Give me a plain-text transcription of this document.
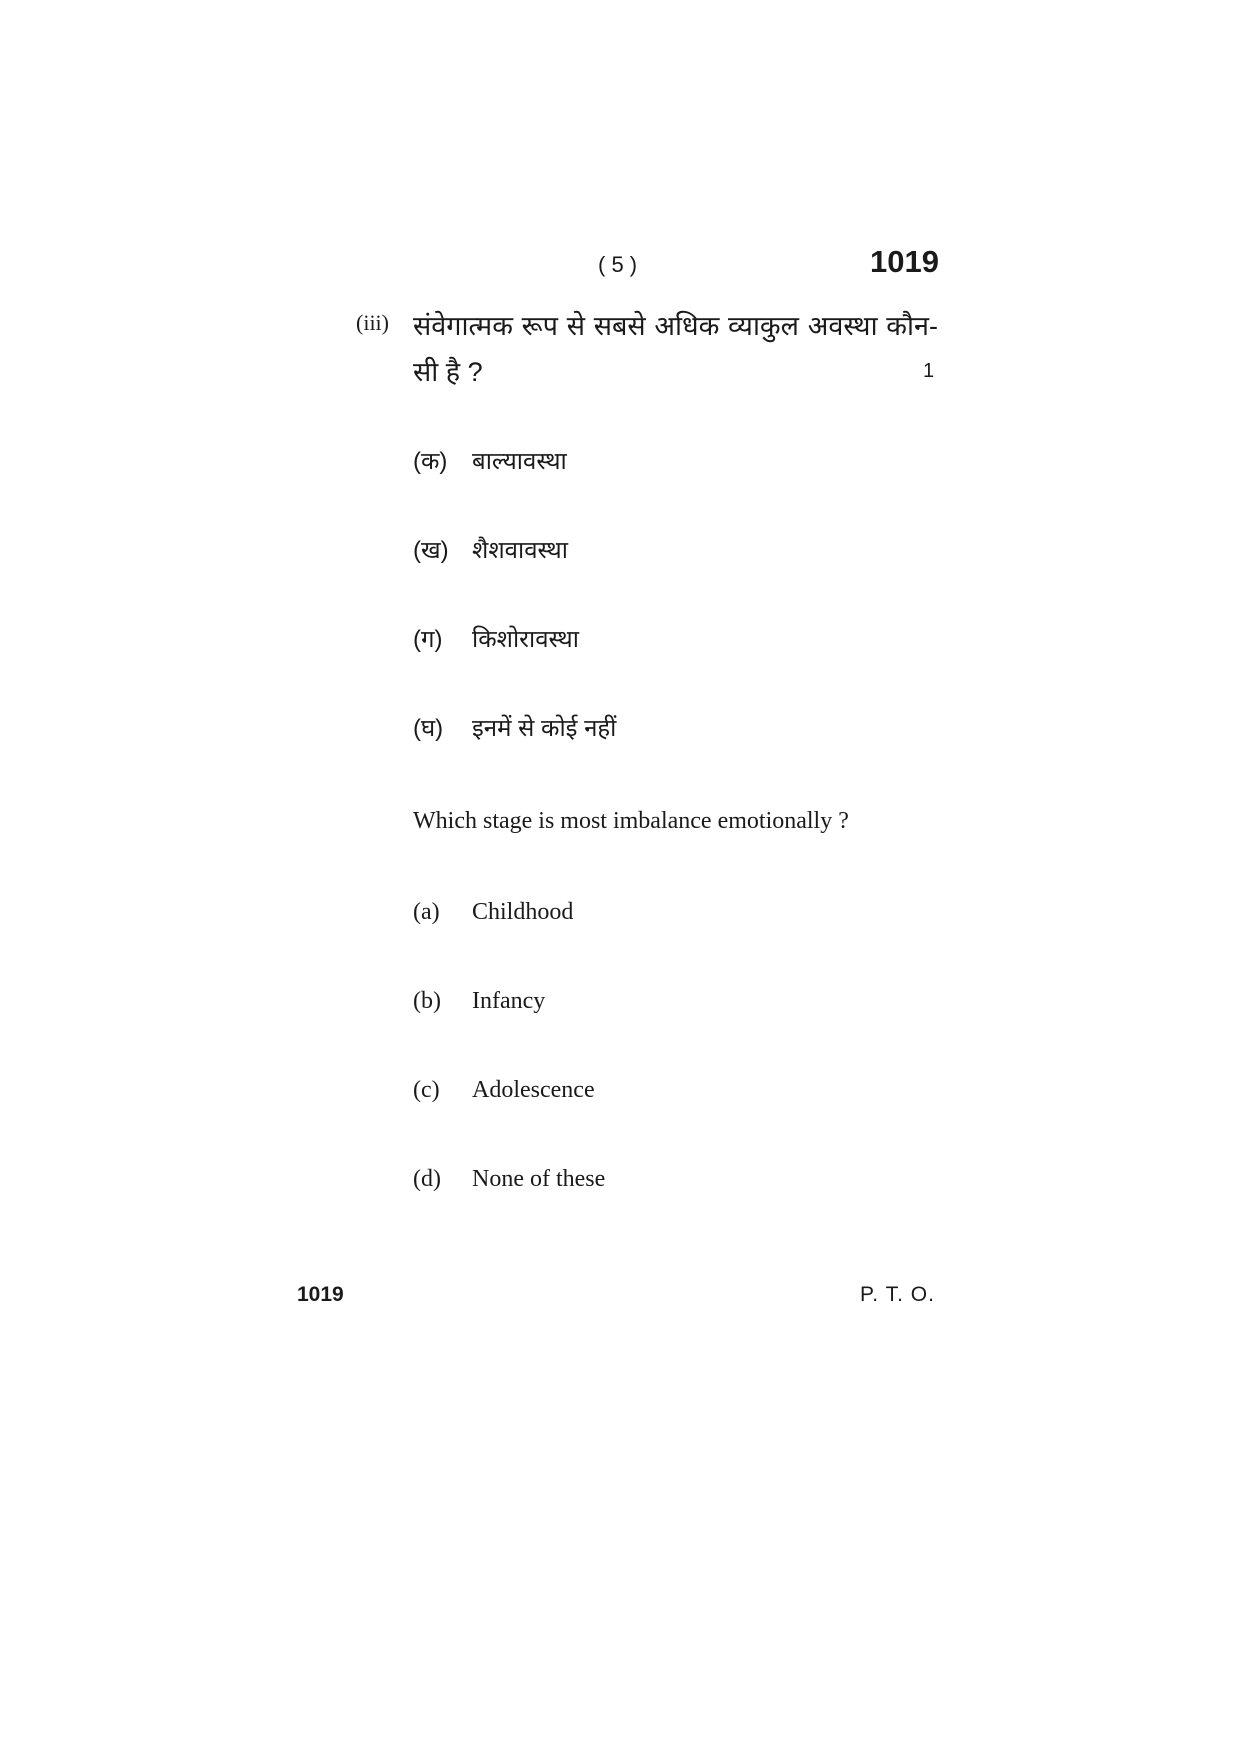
( 5 )	1019
(iii) संवेगात्मक रूप से सबसे अधिक व्याकुल अवस्था कौन-सी है ?	1
(क) बाल्यावस्था
(ख) शैशवावस्था
(ग) किशोरावस्था
(घ) इनमें से कोई नहीं
Which stage is most imbalance emotionally ?
(a) Childhood
(b) Infancy
(c) Adolescence
(d) None of these
1019	P. T. O.
